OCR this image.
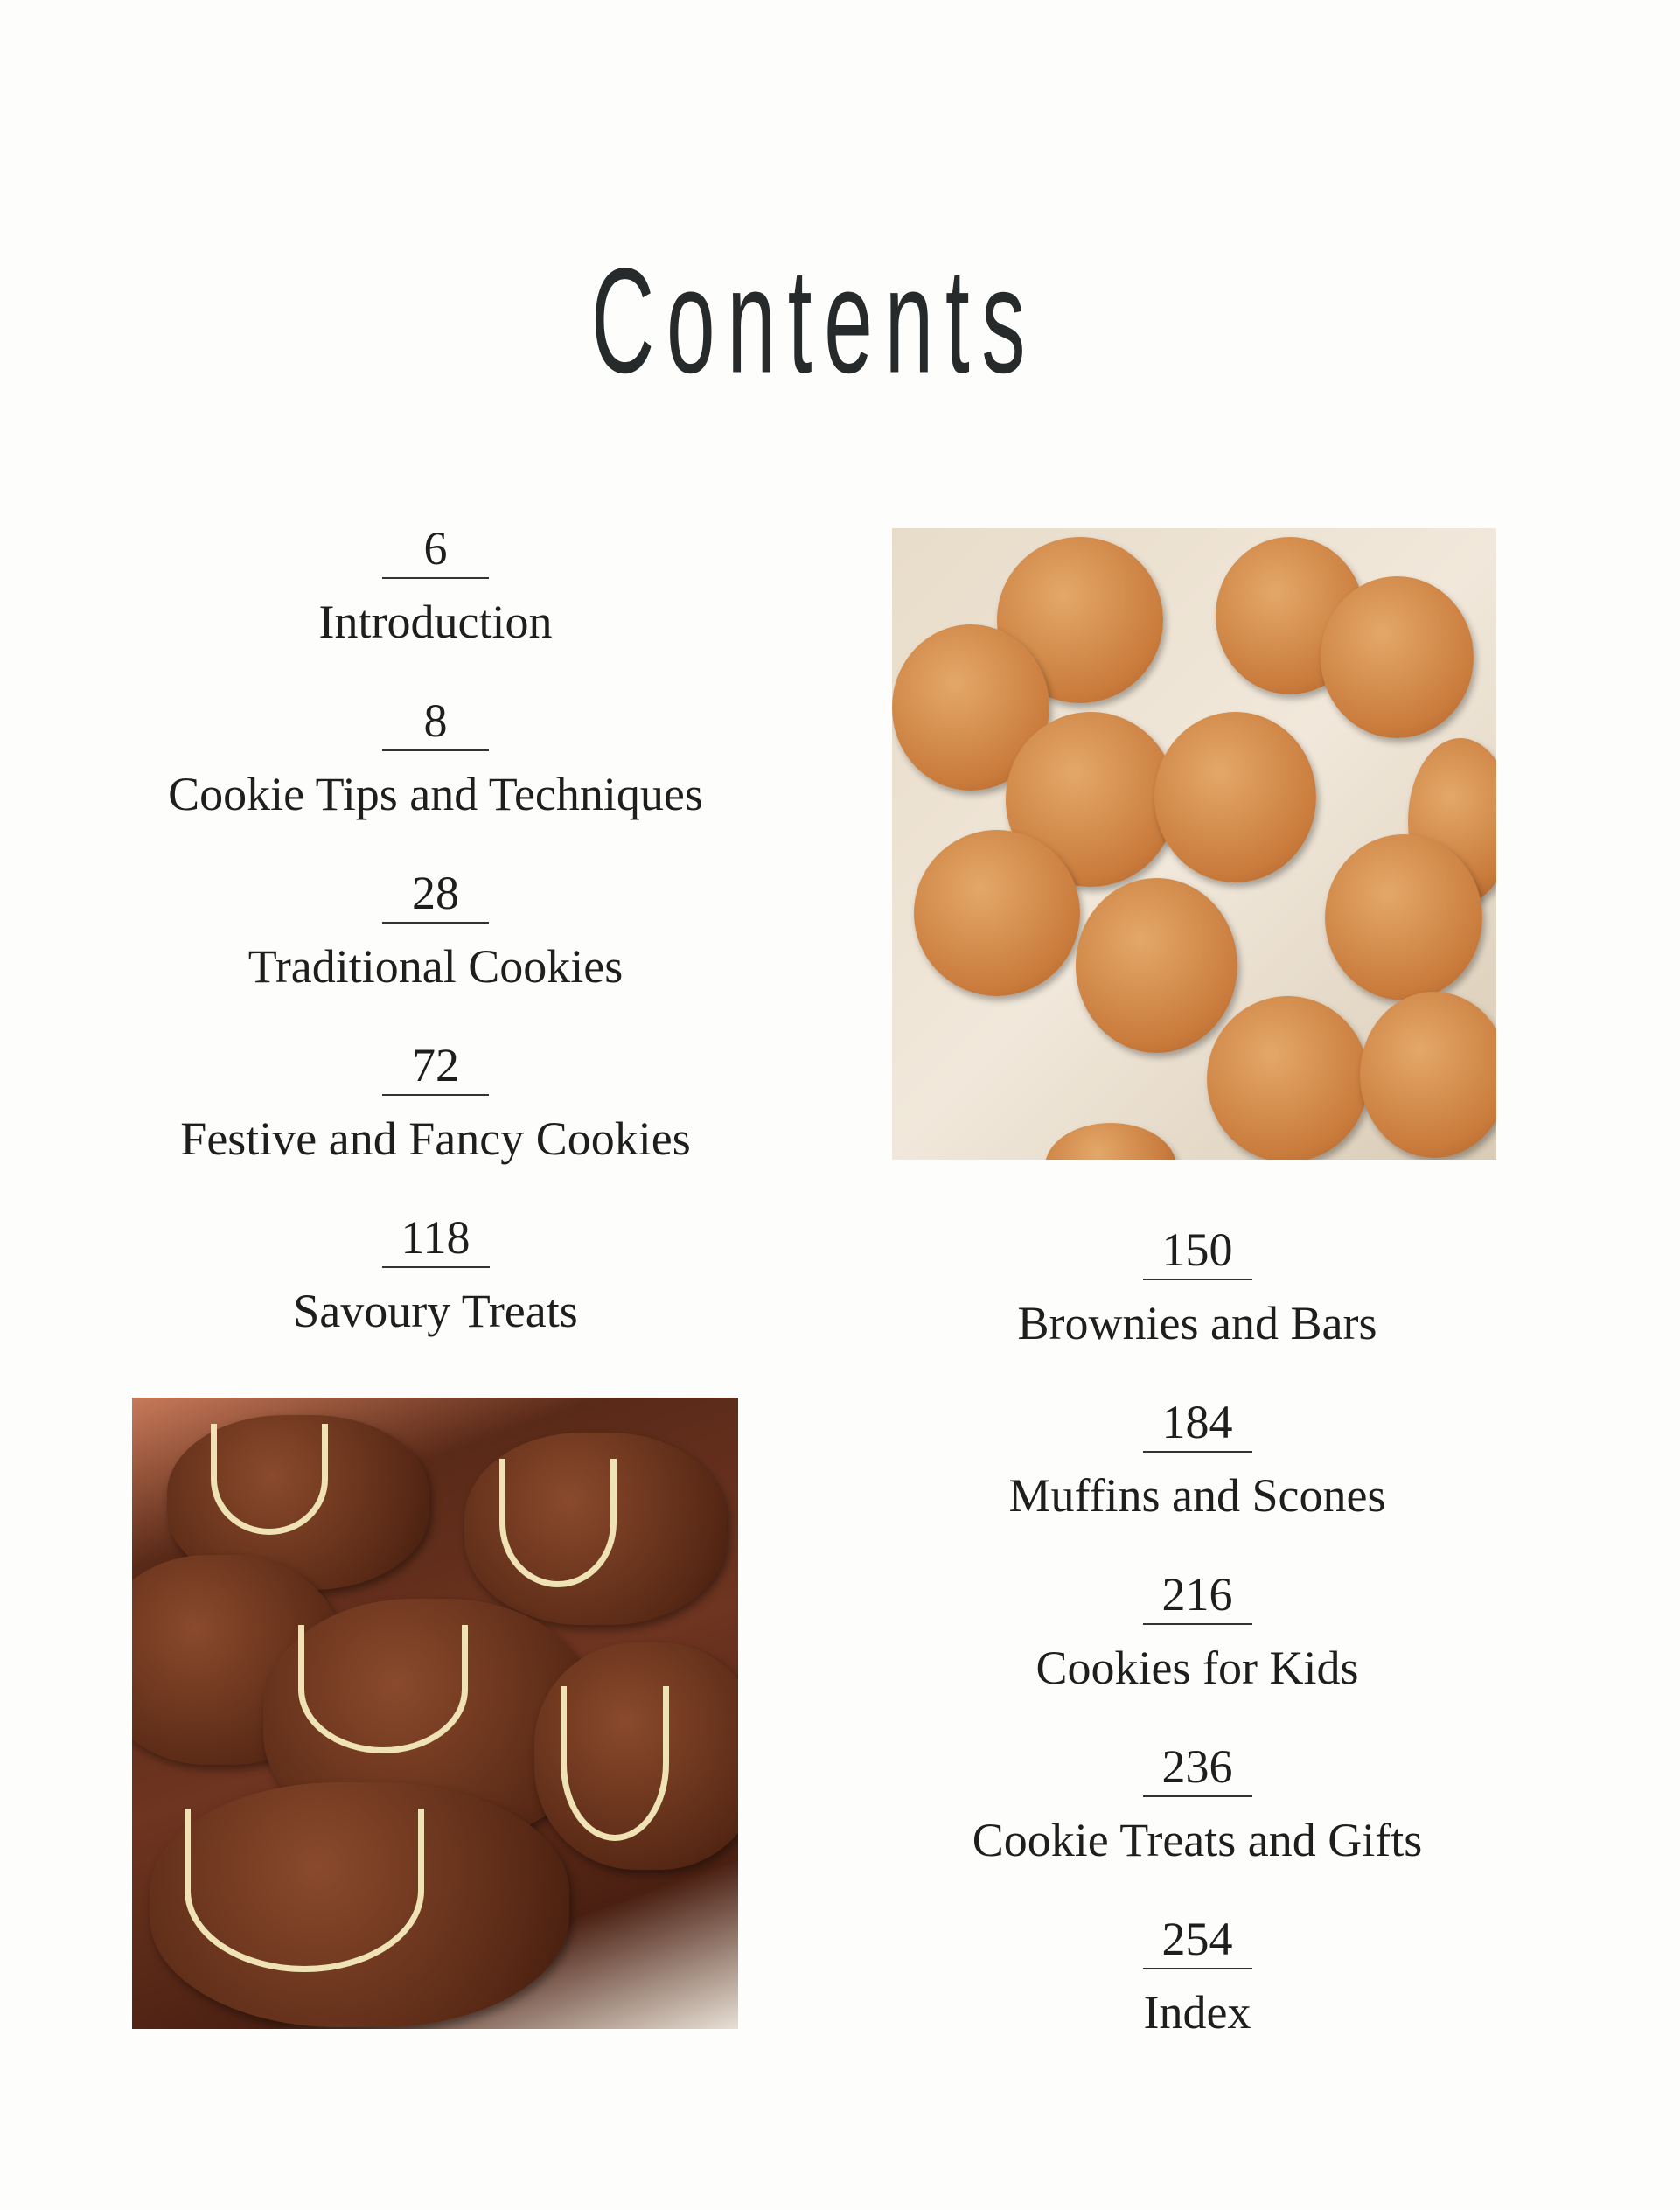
Contents
6
Introduction
8
Cookie Tips and Techniques
28
Traditional Cookies
72
Festive and Fancy Cookies
118
Savoury Treats
150
Brownies and Bars
184
Muffins and Scones
216
Cookies for Kids
236
Cookie Treats and Gifts
254
Index
